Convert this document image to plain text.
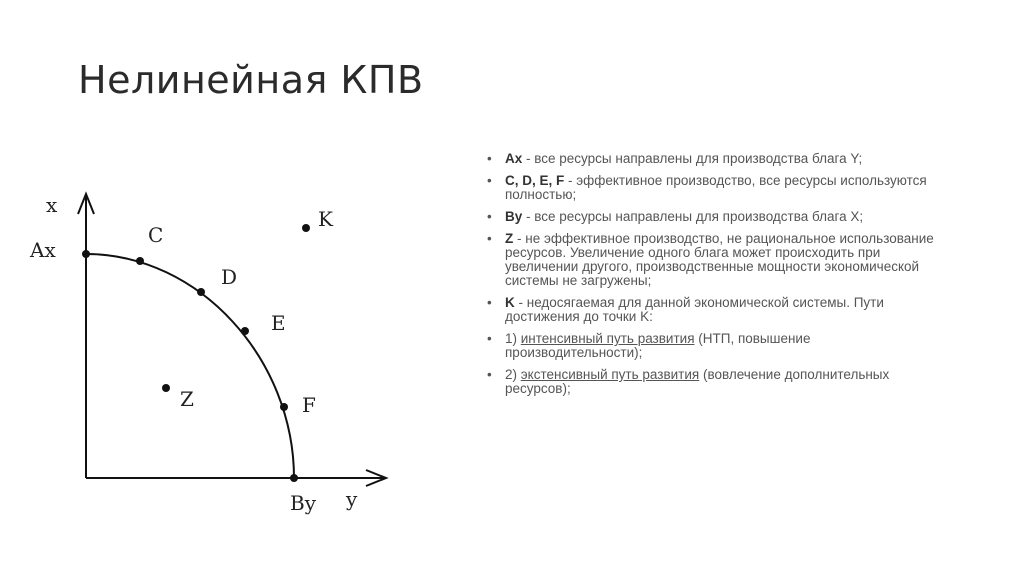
Нелинейная КПВ
x
y
Ax
By
C
D
E
F
Z
K
• Ax - все ресурсы направлены для производства блага Y;
• C, D, E, F - эффективное производство, все ресурсы используются полностью;
• By - все ресурсы направлены для производства блага X;
• Z - не эффективное производство, не рациональное использование ресурсов. Увеличение одного блага может происходить при увеличении другого, производственные мощности экономической системы не загружены;
• K - недосягаемая для данной экономической системы. Пути достижения до точки K:
• 1) интенсивный путь развития (НТП, повышение производительности);
• 2) экстенсивный путь развития (вовлечение дополнительных ресурсов);
